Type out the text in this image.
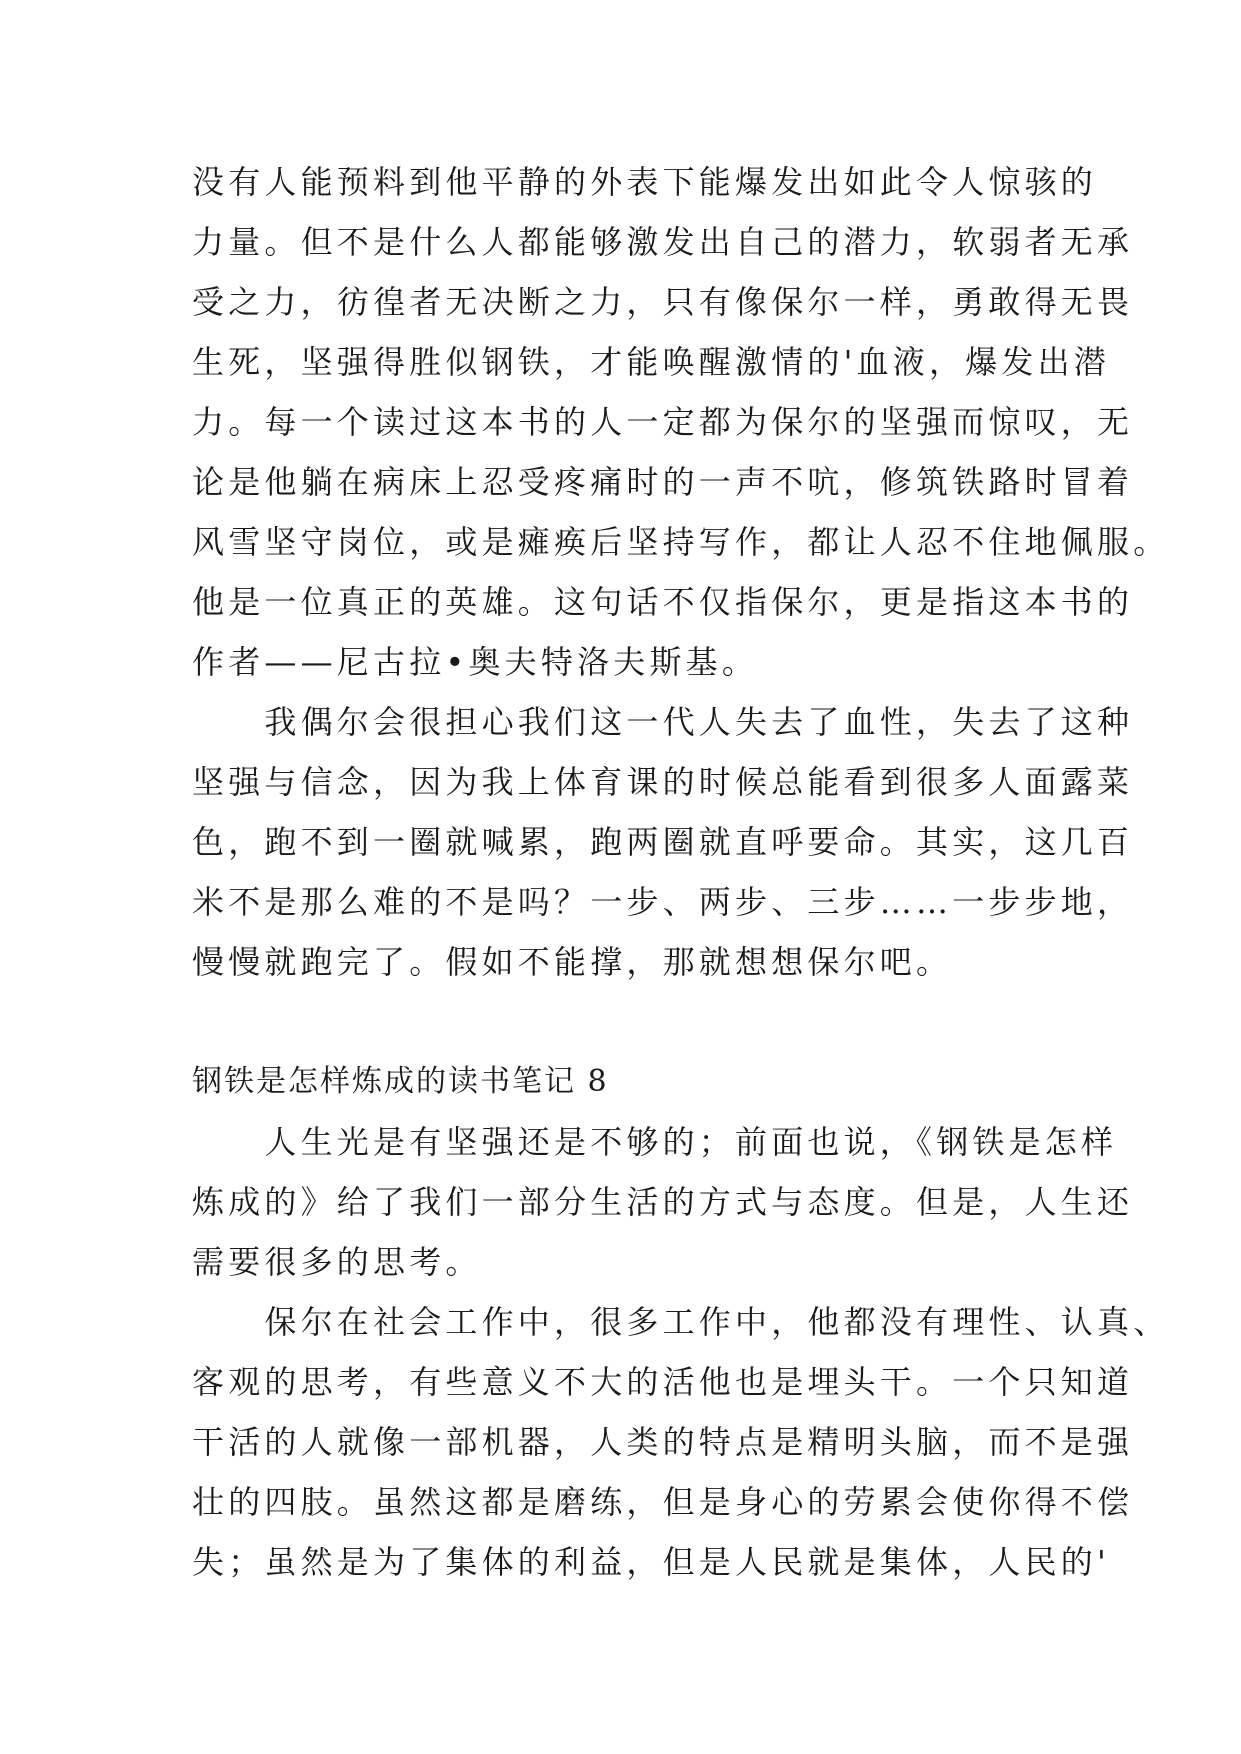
没有人能预料到他平静的外表下能爆发出如此令人惊骇的

力量。但不是什么人都能够激发出自己的潜力，软弱者无承

受之力，彷徨者无决断之力，只有像保尔一样，勇敢得无畏

生死，坚强得胜似钢铁，才能唤醒激情的'血液，爆发出潜

力。每一个读过这本书的人一定都为保尔的坚强而惊叹，无

论是他躺在病床上忍受疼痛时的一声不吭，修筑铁路时冒着

风雪坚守岗位，或是瘫痪后坚持写作，都让人忍不住地佩服。

他是一位真正的英雄。这句话不仅指保尔，更是指这本书的

作者——尼古拉•奥夫特洛夫斯基。

　　我偶尔会很担心我们这一代人失去了血性，失去了这种

坚强与信念，因为我上体育课的时候总能看到很多人面露菜

色，跑不到一圈就喊累，跑两圈就直呼要命。其实，这几百

米不是那么难的不是吗？一步、两步、三步……一步步地，

慢慢就跑完了。假如不能撑，那就想想保尔吧。

钢铁是怎样炼成的读书笔记 8

　　人生光是有坚强还是不够的；前面也说，《钢铁是怎样

炼成的》给了我们一部分生活的方式与态度。但是，人生还

需要很多的思考。

　　保尔在社会工作中，很多工作中，他都没有理性、认真、

客观的思考，有些意义不大的活他也是埋头干。一个只知道

干活的人就像一部机器，人类的特点是精明头脑，而不是强

壮的四肢。虽然这都是磨练，但是身心的劳累会使你得不偿

失；虽然是为了集体的利益，但是人民就是集体，人民的'
